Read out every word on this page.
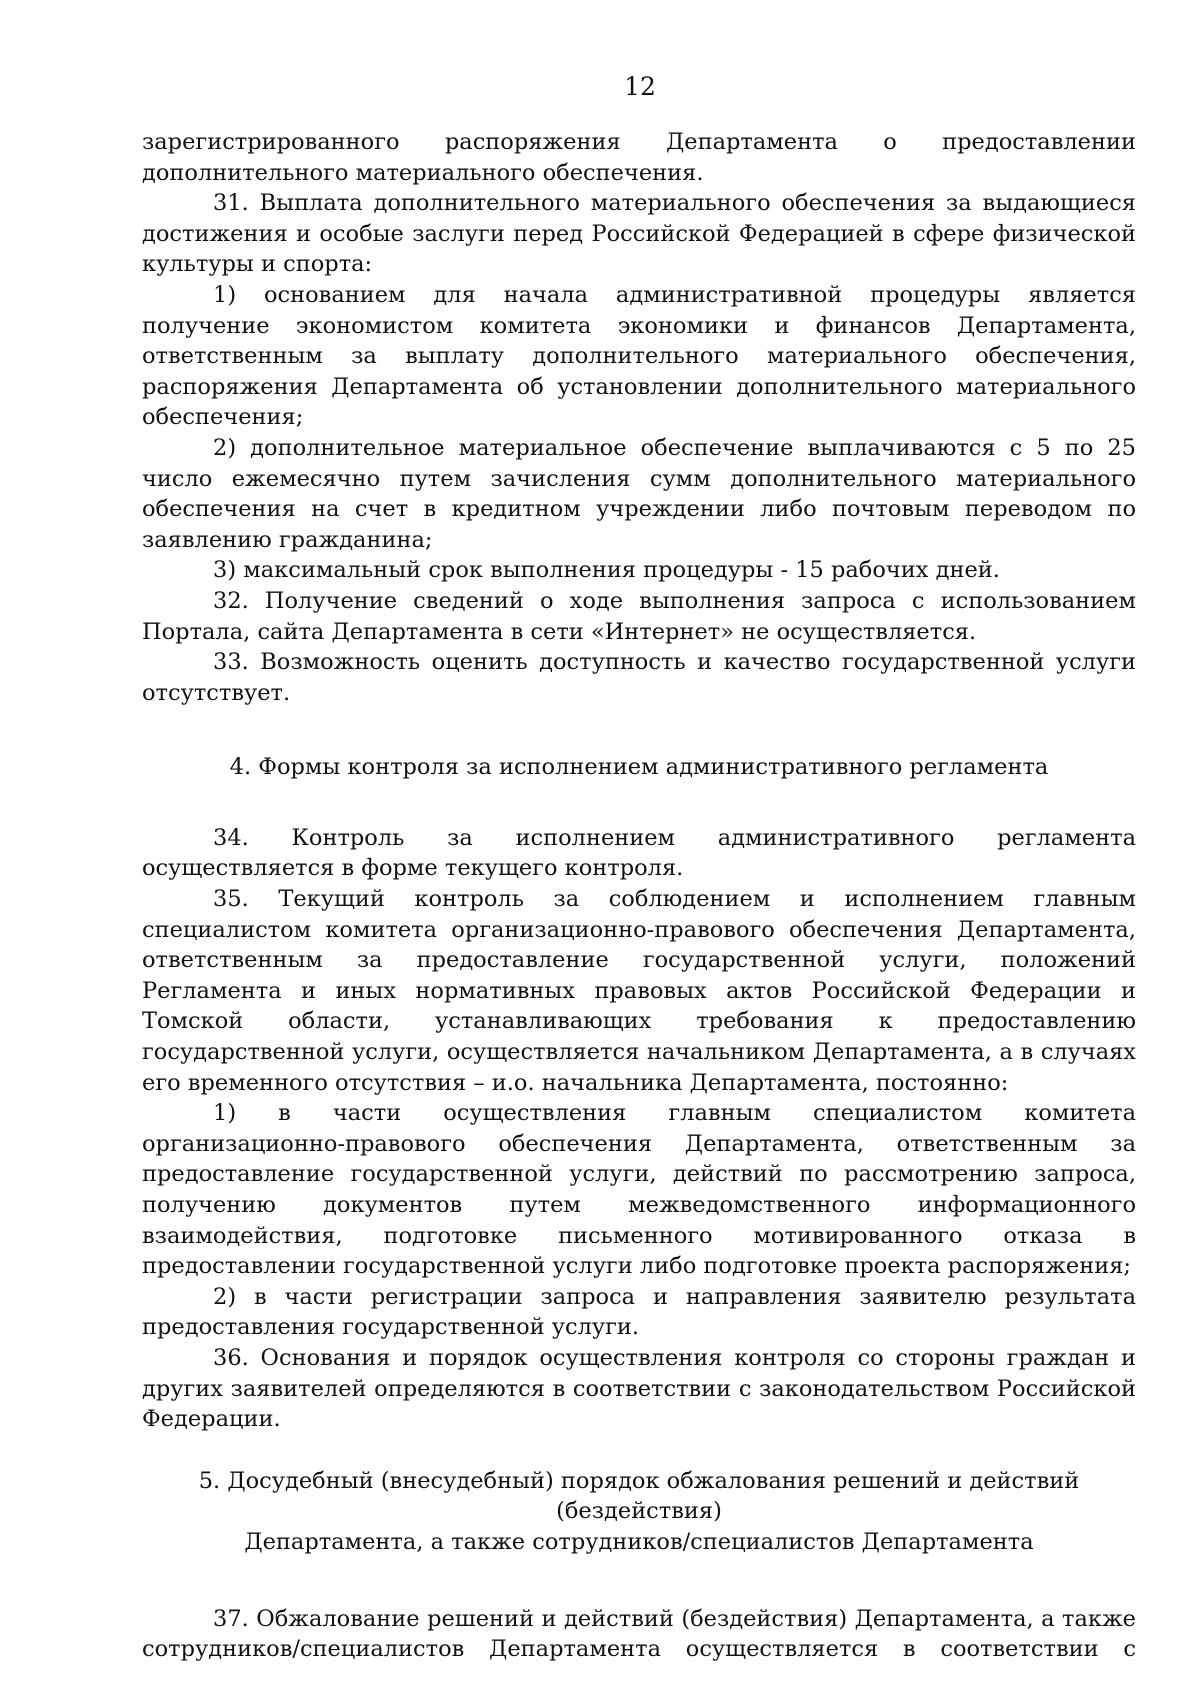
12

зарегистрированного распоряжения Департамента о предоставлении дополнительного материального обеспечения.

31. Выплата дополнительного материального обеспечения за выдающиеся достижения и особые заслуги перед Российской Федерацией в сфере физической культуры и спорта:

1) основанием для начала административной процедуры является получение экономистом комитета экономики и финансов Департамента, ответственным за выплату дополнительного материального обеспечения, распоряжения Департамента об установлении дополнительного материального обеспечения;

2) дополнительное материальное обеспечение выплачиваются с 5 по 25 число ежемесячно путем зачисления сумм дополнительного материального обеспечения на счет в кредитном учреждении либо почтовым переводом по заявлению гражданина;

3) максимальный срок выполнения процедуры - 15 рабочих дней.

32. Получение сведений о ходе выполнения запроса с использованием Портала, сайта Департамента в сети «Интернет» не осуществляется.

33. Возможность оценить доступность и качество государственной услуги отсутствует.

4. Формы контроля за исполнением административного регламента

34. Контроль за исполнением административного регламента осуществляется в форме текущего контроля.

35. Текущий контроль за соблюдением и исполнением главным специалистом комитета организационно-правового обеспечения Департамента, ответственным за предоставление государственной услуги, положений Регламента и иных нормативных правовых актов Российской Федерации и Томской области, устанавливающих требования к предоставлению государственной услуги, осуществляется начальником Департамента, а в случаях его временного отсутствия – и.о. начальника Департамента, постоянно:

1) в части осуществления главным специалистом комитета организационно-правового обеспечения Департамента, ответственным за предоставление государственной услуги, действий по рассмотрению запроса, получению документов путем межведомственного информационного взаимодействия, подготовке письменного мотивированного отказа в предоставлении государственной услуги либо подготовке проекта распоряжения;

2) в части регистрации запроса и направления заявителю результата предоставления государственной услуги.

36. Основания и порядок осуществления контроля со стороны граждан и других заявителей определяются в соответствии с законодательством Российской Федерации.

5. Досудебный (внесудебный) порядок обжалования решений и действий (бездействия)
Департамента, а также сотрудников/специалистов Департамента

37. Обжалование решений и действий (бездействия) Департамента, а также сотрудников/специалистов Департамента осуществляется в соответствии с
